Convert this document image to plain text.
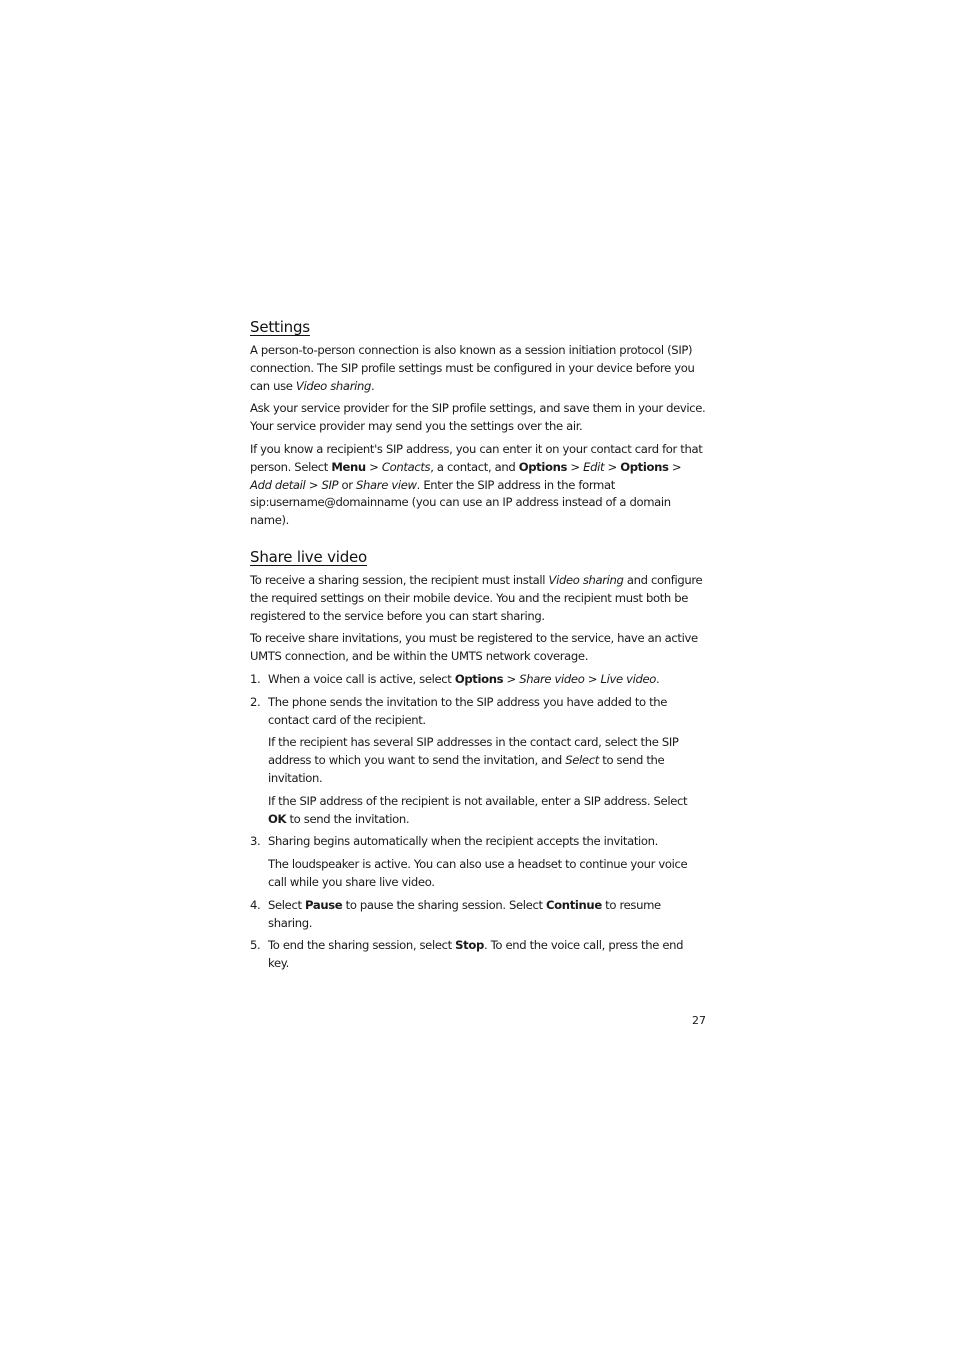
Settings

A person-to-person connection is also known as a session initiation protocol (SIP) connection. The SIP profile settings must be configured in your device before you can use Video sharing.

Ask your service provider for the SIP profile settings, and save them in your device. Your service provider may send you the settings over the air.

If you know a recipient's SIP address, you can enter it on your contact card for that person. Select Menu > Contacts, a contact, and Options > Edit > Options > Add detail > SIP or Share view. Enter the SIP address in the format sip:username@domainname (you can use an IP address instead of a domain name).

Share live video

To receive a sharing session, the recipient must install Video sharing and configure the required settings on their mobile device. You and the recipient must both be registered to the service before you can start sharing.

To receive share invitations, you must be registered to the service, have an active UMTS connection, and be within the UMTS network coverage.

1. When a voice call is active, select Options > Share video > Live video.
2. The phone sends the invitation to the SIP address you have added to the contact card of the recipient.

If the recipient has several SIP addresses in the contact card, select the SIP address to which you want to send the invitation, and Select to send the invitation.

If the SIP address of the recipient is not available, enter a SIP address. Select OK to send the invitation.

3. Sharing begins automatically when the recipient accepts the invitation.

The loudspeaker is active. You can also use a headset to continue your voice call while you share live video.

4. Select Pause to pause the sharing session. Select Continue to resume sharing.
5. To end the sharing session, select Stop. To end the voice call, press the end key.
27
